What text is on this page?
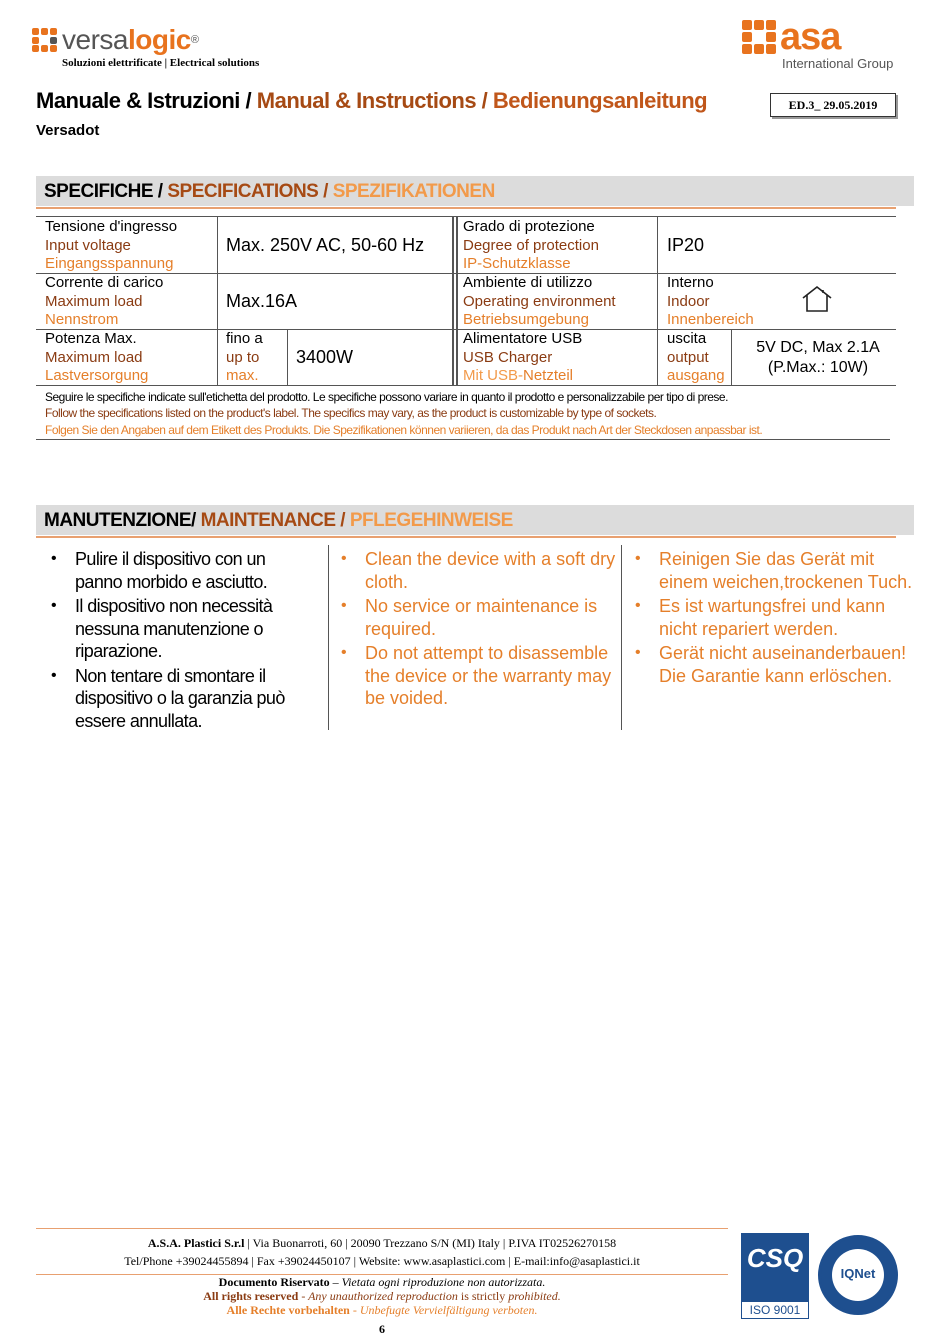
versalogic®
Soluzioni elettrificate | Electrical solutions
asa
International Group
Manuale & Istruzioni / Manual & Instructions / Bedienungsanleitung	ED.3_ 29.05.2019
Versadot
SPECIFICHE / SPECIFICATIONS / SPEZIFIKATIONEN
Tensione d'ingresso
Input voltage
Eingangsspannung
Max. 250V AC, 50-60 Hz
Grado di protezione
Degree of protection
IP-Schutzklasse
IP20
Corrente di carico
Maximum load
Nennstrom
Max.16A
Ambiente di utilizzo
Operating environment
Betriebsumgebung
Interno
Indoor
Innenbereich
Potenza Max.
Maximum load
Lastversorgung
fino a
up to
max.
3400W
Alimentatore USB
USB Charger
Mit USB-Netzteil
uscita
output
ausgang
5V DC, Max 2.1A
(P.Max.: 10W)
Seguire le specifiche indicate sull'etichetta del prodotto. Le specifiche possono variare in quanto il prodotto e personalizzabile per tipo di prese.
Follow the specifications listed on the product's label. The specifics may vary, as the product is customizable by type of sockets.
Folgen Sie den Angaben auf dem Etikett des Produkts. Die Spezifikationen können variieren, da das Produkt nach Art der Steckdosen anpassbar ist.
MANUTENZIONE/ MAINTENANCE / PFLEGEHINWEISE
• Pulire il dispositivo con un panno morbido e asciutto.
• Il dispositivo non necessità nessuna manutenzione o riparazione.
• Non tentare di smontare il dispositivo o la garanzia può essere annullata.
• Clean the device with a soft dry cloth.
• No service or maintenance is required.
• Do not attempt to disassemble the device or the warranty may be voided.
• Reinigen Sie das Gerät mit einem weichen,trockenen Tuch.
• Es ist wartungsfrei und kann nicht repariert werden.
• Gerät nicht auseinanderbauen! Die Garantie kann erlöschen.
A.S.A. Plastici S.r.l | Via Buonarroti, 60 | 20090 Trezzano S/N (MI) Italy | P.IVA IT02526270158
Tel/Phone +39024455894 | Fax +39024450107 | Website: www.asaplastici.com | E-mail:info@asaplastici.it
Documento Riservato – Vietata ogni riproduzione non autorizzata.
All rights reserved - Any unauthorized reproduction is strictly prohibited.
Alle Rechte vorbehalten - Unbefugte Vervielfältigung verboten.
6
CSQ
ISO 9001
IQNet
